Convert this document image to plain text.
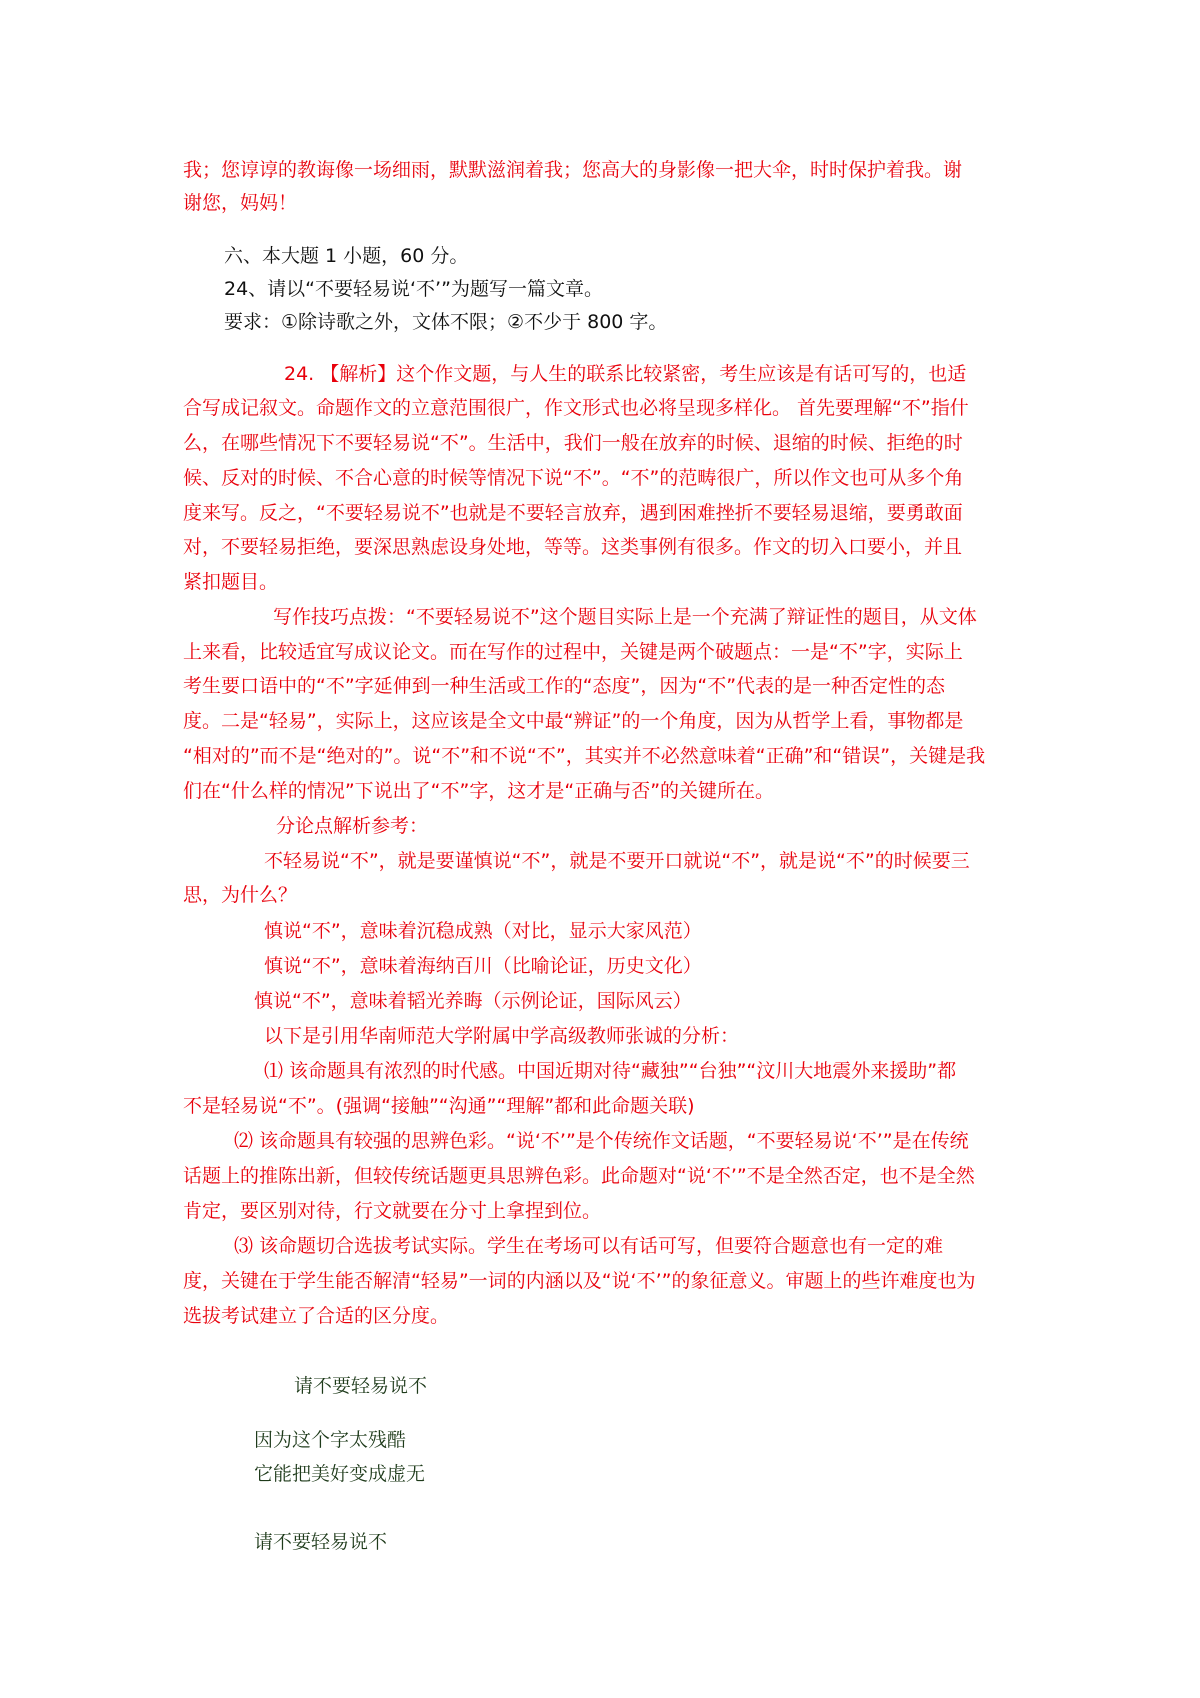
我；您谆谆的教诲像一场细雨，默默滋润着我；您高大的身影像一把大伞，时时保护着我。谢
谢您，妈妈！
六、本大题 1 小题，60 分。
24、请以“不要轻易说‘不’”为题写一篇文章。
要求：①除诗歌之外，文体不限；②不少于 800 字。
24. 【解析】这个作文题，与人生的联系比较紧密，考生应该是有话可写的，也适
合写成记叙文。命题作文的立意范围很广，作文形式也必将呈现多样化。 首先要理解“不”指什
么，在哪些情况下不要轻易说“不”。生活中，我们一般在放弃的时候、退缩的时候、拒绝的时
候、反对的时候、不合心意的时候等情况下说“不”。“不”的范畴很广，所以作文也可从多个角
度来写。反之，“不要轻易说不”也就是不要轻言放弃，遇到困难挫折不要轻易退缩，要勇敢面
对，不要轻易拒绝，要深思熟虑设身处地，等等。这类事例有很多。作文的切入口要小，并且
紧扣题目。
写作技巧点拨：“不要轻易说不”这个题目实际上是一个充满了辩证性的题目，从文体
上来看，比较适宜写成议论文。而在写作的过程中，关键是两个破题点：一是“不”字，实际上
考生要口语中的“不”字延伸到一种生活或工作的“态度”，因为“不”代表的是一种否定性的态
度。二是“轻易”，实际上，这应该是全文中最“辨证”的一个角度，因为从哲学上看，事物都是
“相对的”而不是“绝对的”。说“不”和不说“不”，其实并不必然意味着“正确”和“错误”，关键是我
们在“什么样的情况”下说出了“不”字，这才是“正确与否”的关键所在。
分论点解析参考：
不轻易说“不”，就是要谨慎说“不”，就是不要开口就说“不”，就是说“不”的时候要三
思，为什么？
慎说“不”，意味着沉稳成熟（对比，显示大家风范）
慎说“不”，意味着海纳百川（比喻论证，历史文化）
慎说“不”，意味着韬光养晦（示例论证，国际风云）
以下是引用华南师范大学附属中学高级教师张诚的分析：
⑴ 该命题具有浓烈的时代感。中国近期对待“藏独”“台独”“汶川大地震外来援助”都
不是轻易说“不”。(强调“接触”“沟通”“理解”都和此命题关联)
⑵ 该命题具有较强的思辨色彩。“说‘不’”是个传统作文话题，“不要轻易说‘不’”是在传统
话题上的推陈出新，但较传统话题更具思辨色彩。此命题对“说‘不’”不是全然否定，也不是全然
肯定，要区别对待，行文就要在分寸上拿捏到位。
⑶ 该命题切合选拔考试实际。学生在考场可以有话可写，但要符合题意也有一定的难
度，关键在于学生能否解清“轻易”一词的内涵以及“说‘不’”的象征意义。审题上的些许难度也为
选拔考试建立了合适的区分度。
请不要轻易说不
因为这个字太残酷
它能把美好变成虚无
请不要轻易说不
